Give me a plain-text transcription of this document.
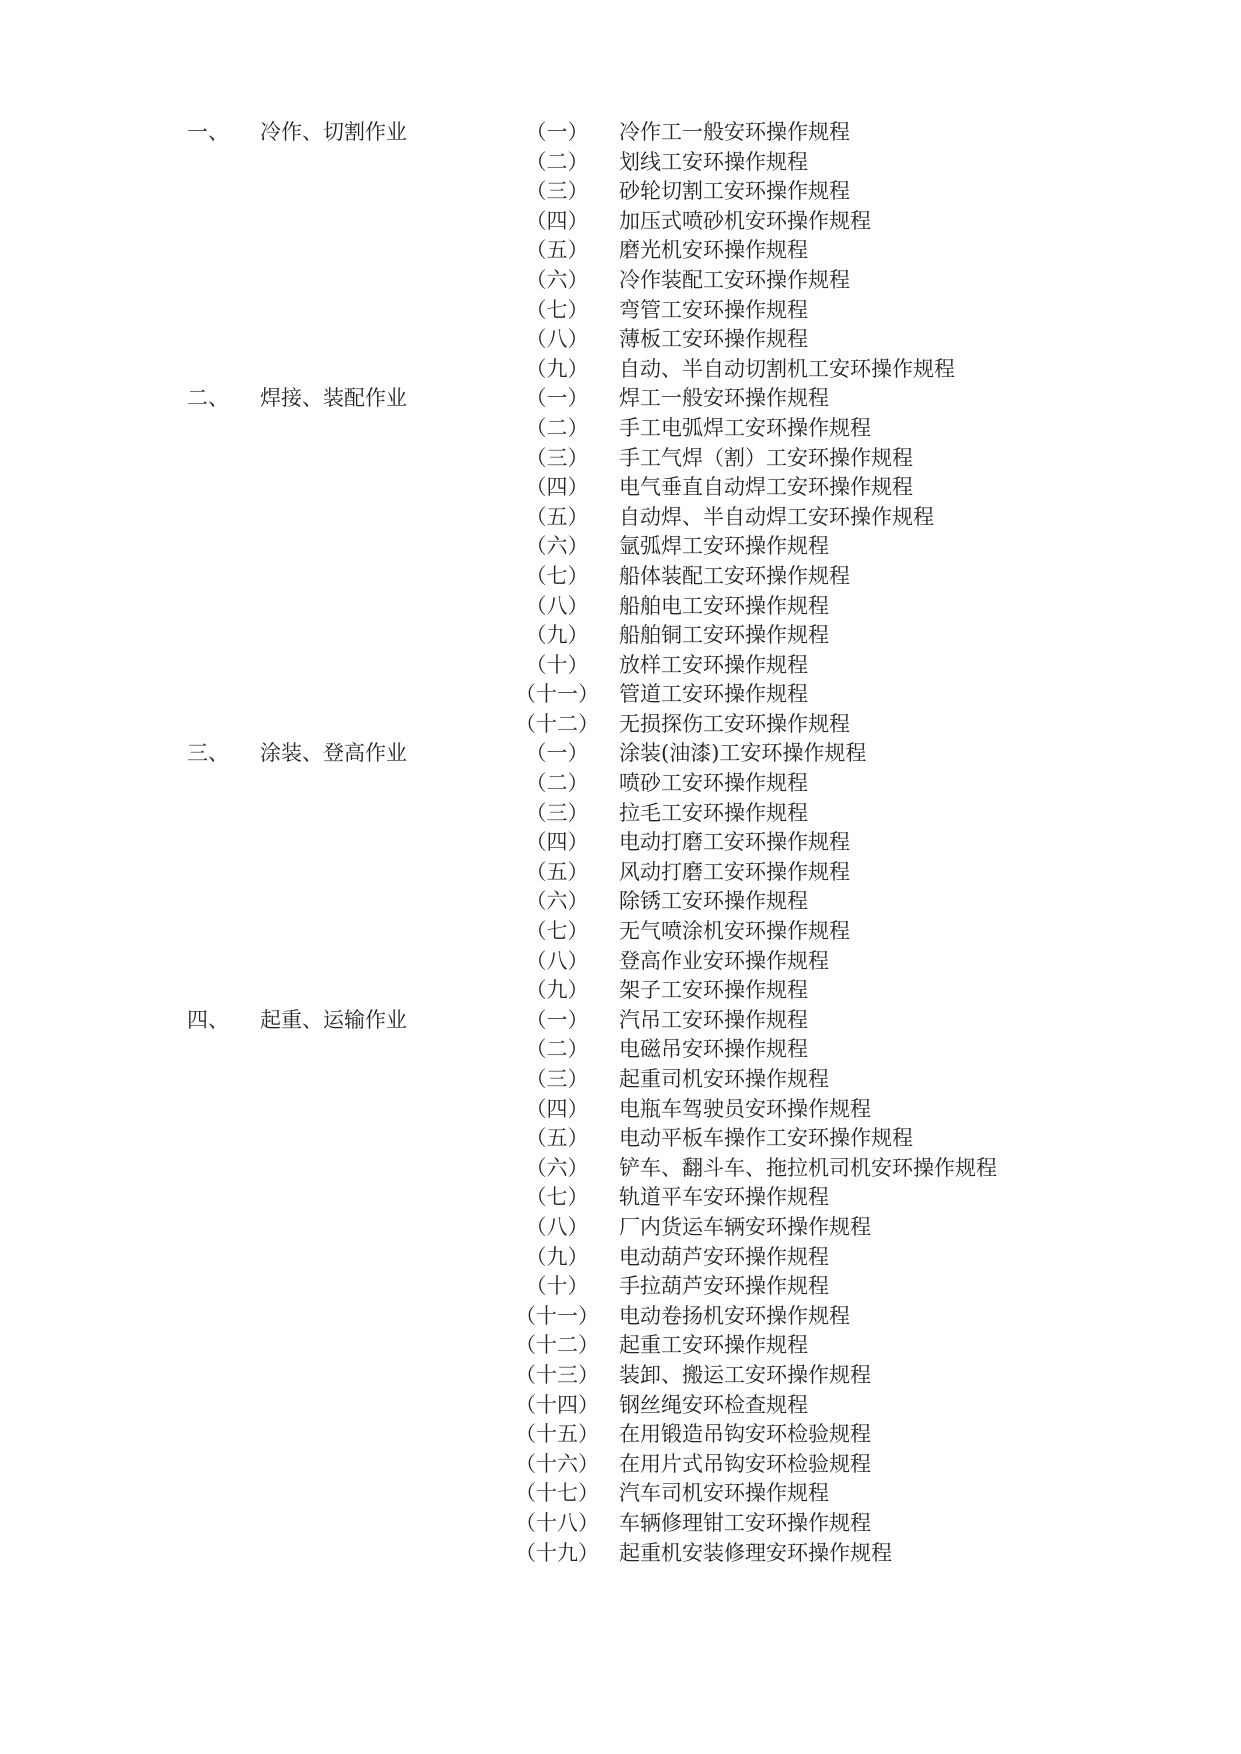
一、 冷作、切割作业	（一）	冷作工一般安环操作规程
（二）	划线工安环操作规程
（三）	砂轮切割工安环操作规程
（四）	加压式喷砂机安环操作规程
（五）	磨光机安环操作规程
（六）	冷作装配工安环操作规程
（七）	弯管工安环操作规程
（八）	薄板工安环操作规程
（九）	自动、半自动切割机工安环操作规程
二、 焊接、装配作业	（一）	焊工一般安环操作规程
（二）	手工电弧焊工安环操作规程
（三）	手工气焊（割）工安环操作规程
（四）	电气垂直自动焊工安环操作规程
（五）	自动焊、半自动焊工安环操作规程
（六）	氩弧焊工安环操作规程
（七）	船体装配工安环操作规程
（八）	船舶电工安环操作规程
（九）	船舶铜工安环操作规程
（十）	放样工安环操作规程
（十一） 管道工安环操作规程
（十二） 无损探伤工安环操作规程
三、 涂装、登高作业	（一）	涂装(油漆)工安环操作规程
（二）	喷砂工安环操作规程
（三）	拉毛工安环操作规程
（四）	电动打磨工安环操作规程
（五）	风动打磨工安环操作规程
（六）	除锈工安环操作规程
（七）	无气喷涂机安环操作规程
（八）	登高作业安环操作规程
（九）	架子工安环操作规程
四、 起重、运输作业	（一）	汽吊工安环操作规程
（二）	电磁吊安环操作规程
（三）	起重司机安环操作规程
（四）	电瓶车驾驶员安环操作规程
（五）	电动平板车操作工安环操作规程
（六）	铲车、翻斗车、拖拉机司机安环操作规程
（七）	轨道平车安环操作规程
（八）	厂内货运车辆安环操作规程
（九）	电动葫芦安环操作规程
（十）	手拉葫芦安环操作规程
（十一） 电动卷扬机安环操作规程
（十二） 起重工安环操作规程
（十三） 装卸、搬运工安环操作规程
（十四） 钢丝绳安环检查规程
（十五） 在用锻造吊钩安环检验规程
（十六） 在用片式吊钩安环检验规程
（十七） 汽车司机安环操作规程
（十八） 车辆修理钳工安环操作规程
（十九） 起重机安装修理安环操作规程
